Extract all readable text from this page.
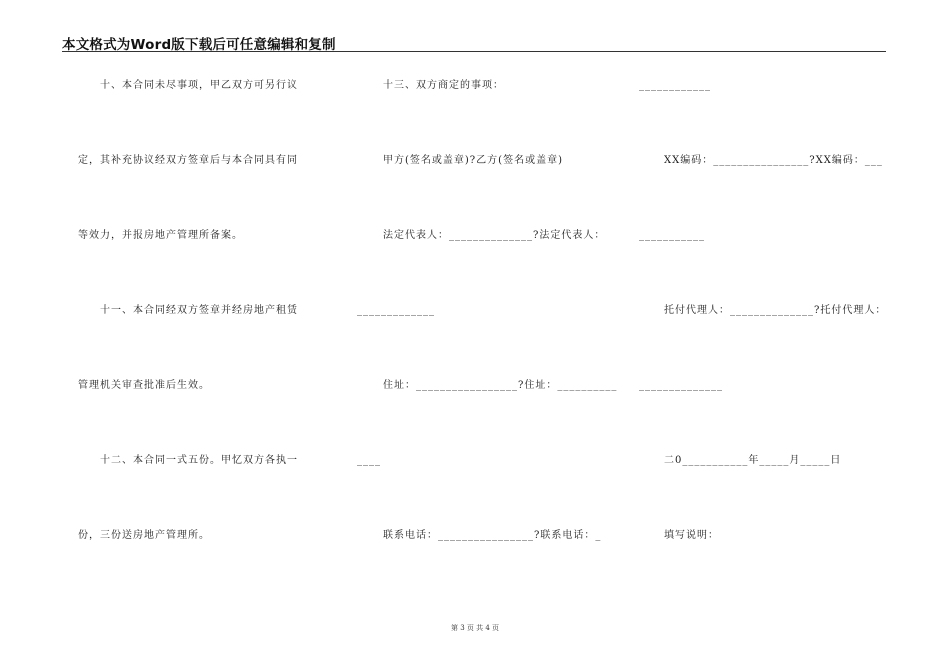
本文格式为Word版下载后可任意编辑和复制
十、本合同未尽事项，甲乙双方可另行议
定，其补充协议经双方签章后与本合同具有同
等效力，并报房地产管理所备案。
十一、本合同经双方签章并经房地产租赁
管理机关审查批准后生效。
十二、本合同一式五份。甲忆双方各执一
份，三份送房地产管理所。
十三、双方商定的事项：
甲方(签名或盖章)?乙方(签名或盖章)
法定代表人：______________?法定代表人：
_____________
住址：_________________?住址：__________
____
联系电话：________________?联系电话：_
____________
XX编码：________________?XX编码：___
___________
托付代理人：______________?托付代理人：
______________
二0___________年_____月_____日
填写说明：
第 3 页 共 4 页
